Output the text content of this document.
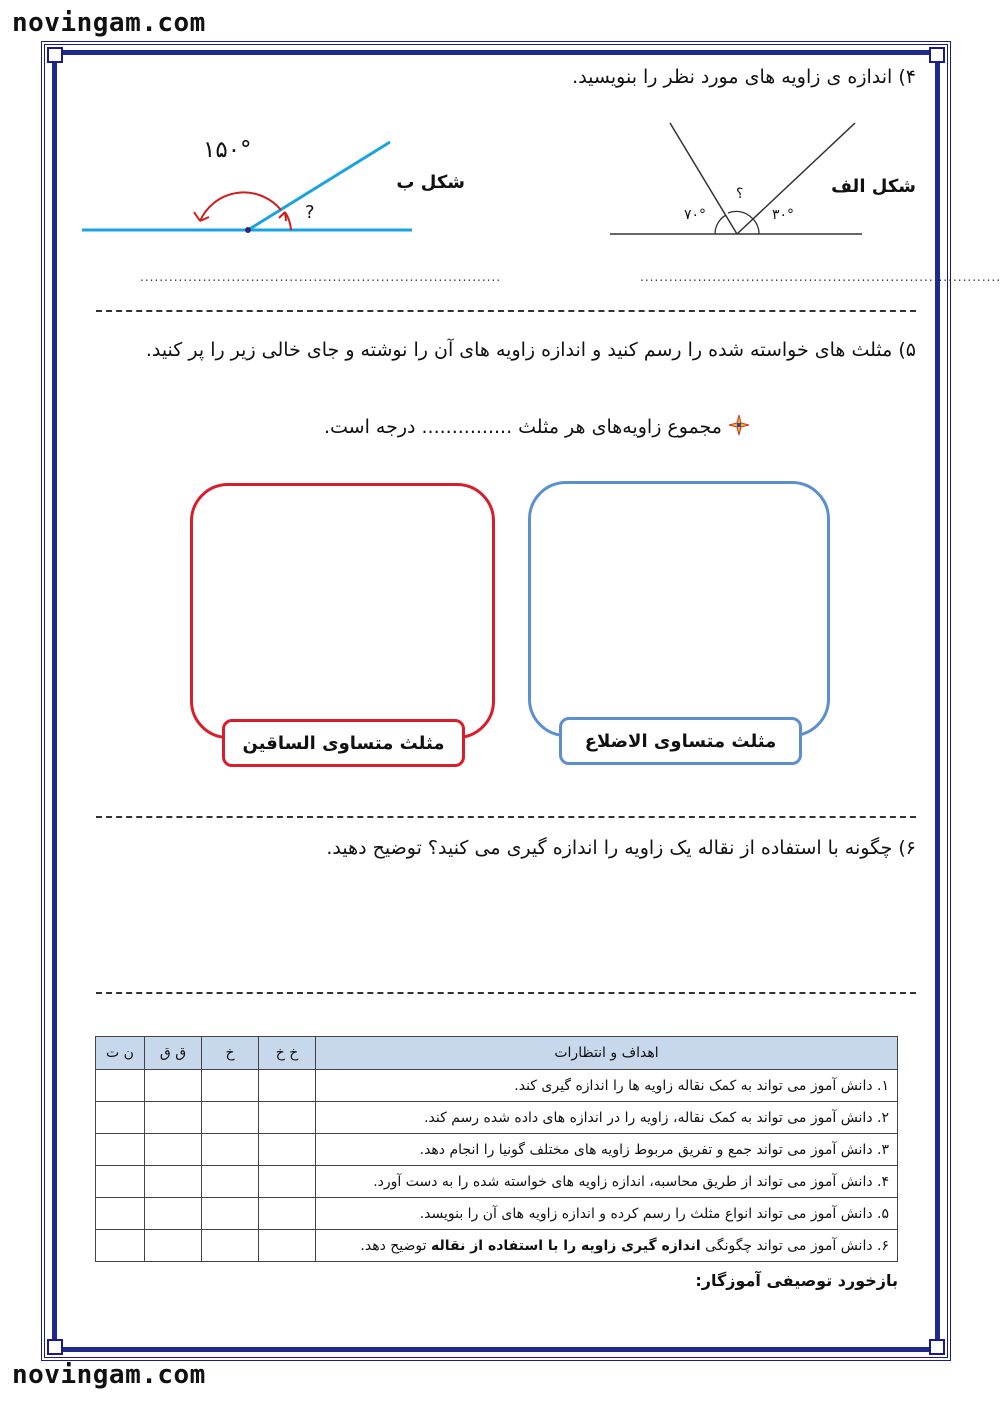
novingam.com
novingam.com
۴) اندازه ی زاویه های مورد نظر را بنویسید.
شکل الف
۷۰°	۳۰°
؟
شکل ب
۱۵۰°
?
...........................................................................
...........................................................................
۵) مثلث های خواسته شده را رسم کنید و اندازه زاویه های آن را نوشته و جای خالی زیر را پر کنید.
مجموع زاویه‌های هر مثلث ............... درجه است.
مثلث متساوی الاضلاع
مثلث متساوی الساقین
۶) چگونه با استفاده از نقاله یک زاویه را اندازه گیری می کنید؟ توضیح دهید.
اهداف و انتظارات	خ خ	خ	ق ق	ن ت
۱. دانش آموز می تواند به کمک نقاله زاویه ها را اندازه گیری کند.				
۲. دانش آموز می تواند به کمک نقاله، زاویه را در اندازه های داده شده رسم کند.				
۳. دانش آموز می تواند جمع و تفریق مربوط زاویه های مختلف گونیا را انجام دهد.				
۴. دانش آموز می تواند از طریق محاسبه، اندازه زاویه های خواسته شده را به دست آورد.				
۵. دانش آموز می تواند انواع مثلث را رسم کرده و اندازه زاویه های آن را بنویسد.				
۶. دانش آموز می تواند چگونگی اندازه گیری زاویه را با استفاده از نقاله توضیح دهد.				
بازخورد توصیفی آموزگار:
